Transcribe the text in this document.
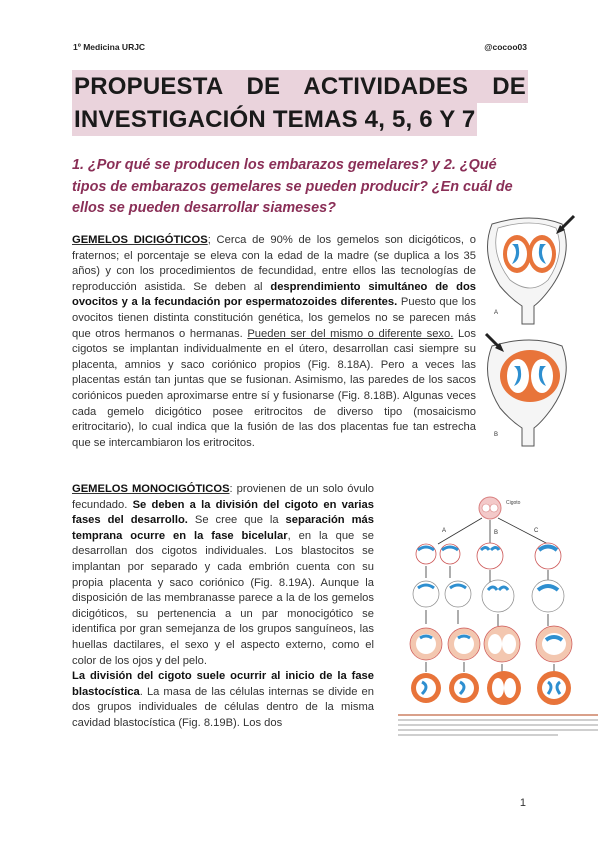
1º Medicina URJC	@cocoo03
PROPUESTA DE ACTIVIDADES DE
INVESTIGACIÓN TEMAS 4, 5, 6 Y 7
1. ¿Por qué se producen los embarazos gemelares? y 2. ¿Qué tipos de embarazos gemelares se pueden producir? ¿En cuál de ellos se pueden desarrollar siameses?
GEMELOS DICIGÓTICOS; Cerca de 90% de los gemelos son dicigóticos, o fraternos; el porcentaje se eleva con la edad de la madre (se duplica a los 35 años) y con los procedimientos de fecundidad, entre ellos las tecnologías de reproducción asistida. Se deben al desprendimiento simultáneo de dos ovocitos y a la fecundación por espermatozoides diferentes. Puesto que los ovocitos tienen distinta constitución genética, los gemelos no se parecen más que otros hermanos o hermanas. Pueden ser del mismo o diferente sexo. Los cigotos se implantan individualmente en el útero, desarrollan casi siempre su placenta, amnios y saco coriónico propios (Fig. 8.18A). Pero a veces las placentas están tan juntas que se fusionan. Asimismo, las paredes de los sacos coriónicos pueden aproximarse entre sí y fusionarse (Fig. 8.18B). Algunas veces cada gemelo dicigótico posee eritrocitos de diverso tipo (mosaicismo eritrocitario), lo cual indica que la fusión de las dos placentas fue tan estrecha que se intercambiaron los eritrocitos.
GEMELOS MONOCIGÓTICOS: provienen de un solo óvulo fecundado. Se deben a la división del cigoto en varias fases del desarrollo. Se cree que la separación más temprana ocurre en la fase bicelular, en la que se desarrollan dos cigotos individuales. Los blastocitos se implantan por separado y cada embrión cuenta con su propia placenta y saco coriónico (Fig. 8.19A). Aunque la disposición de las membranasse parece a la de los gemelos dicigóticos, su pertenencia a un par monocigótico se identifica por gran semejanza de los grupos sanguíneos, las huellas dactilares, el sexo y el aspecto externo, como el color de los ojos y del pelo.
La división del cigoto suele ocurrir al inicio de la fase blastocística. La masa de las células internas se divide en dos grupos individuales de células dentro de la misma cavidad blastocística (Fig. 8.19B). Los dos
A
B
Cigoto
A	B	C
1
